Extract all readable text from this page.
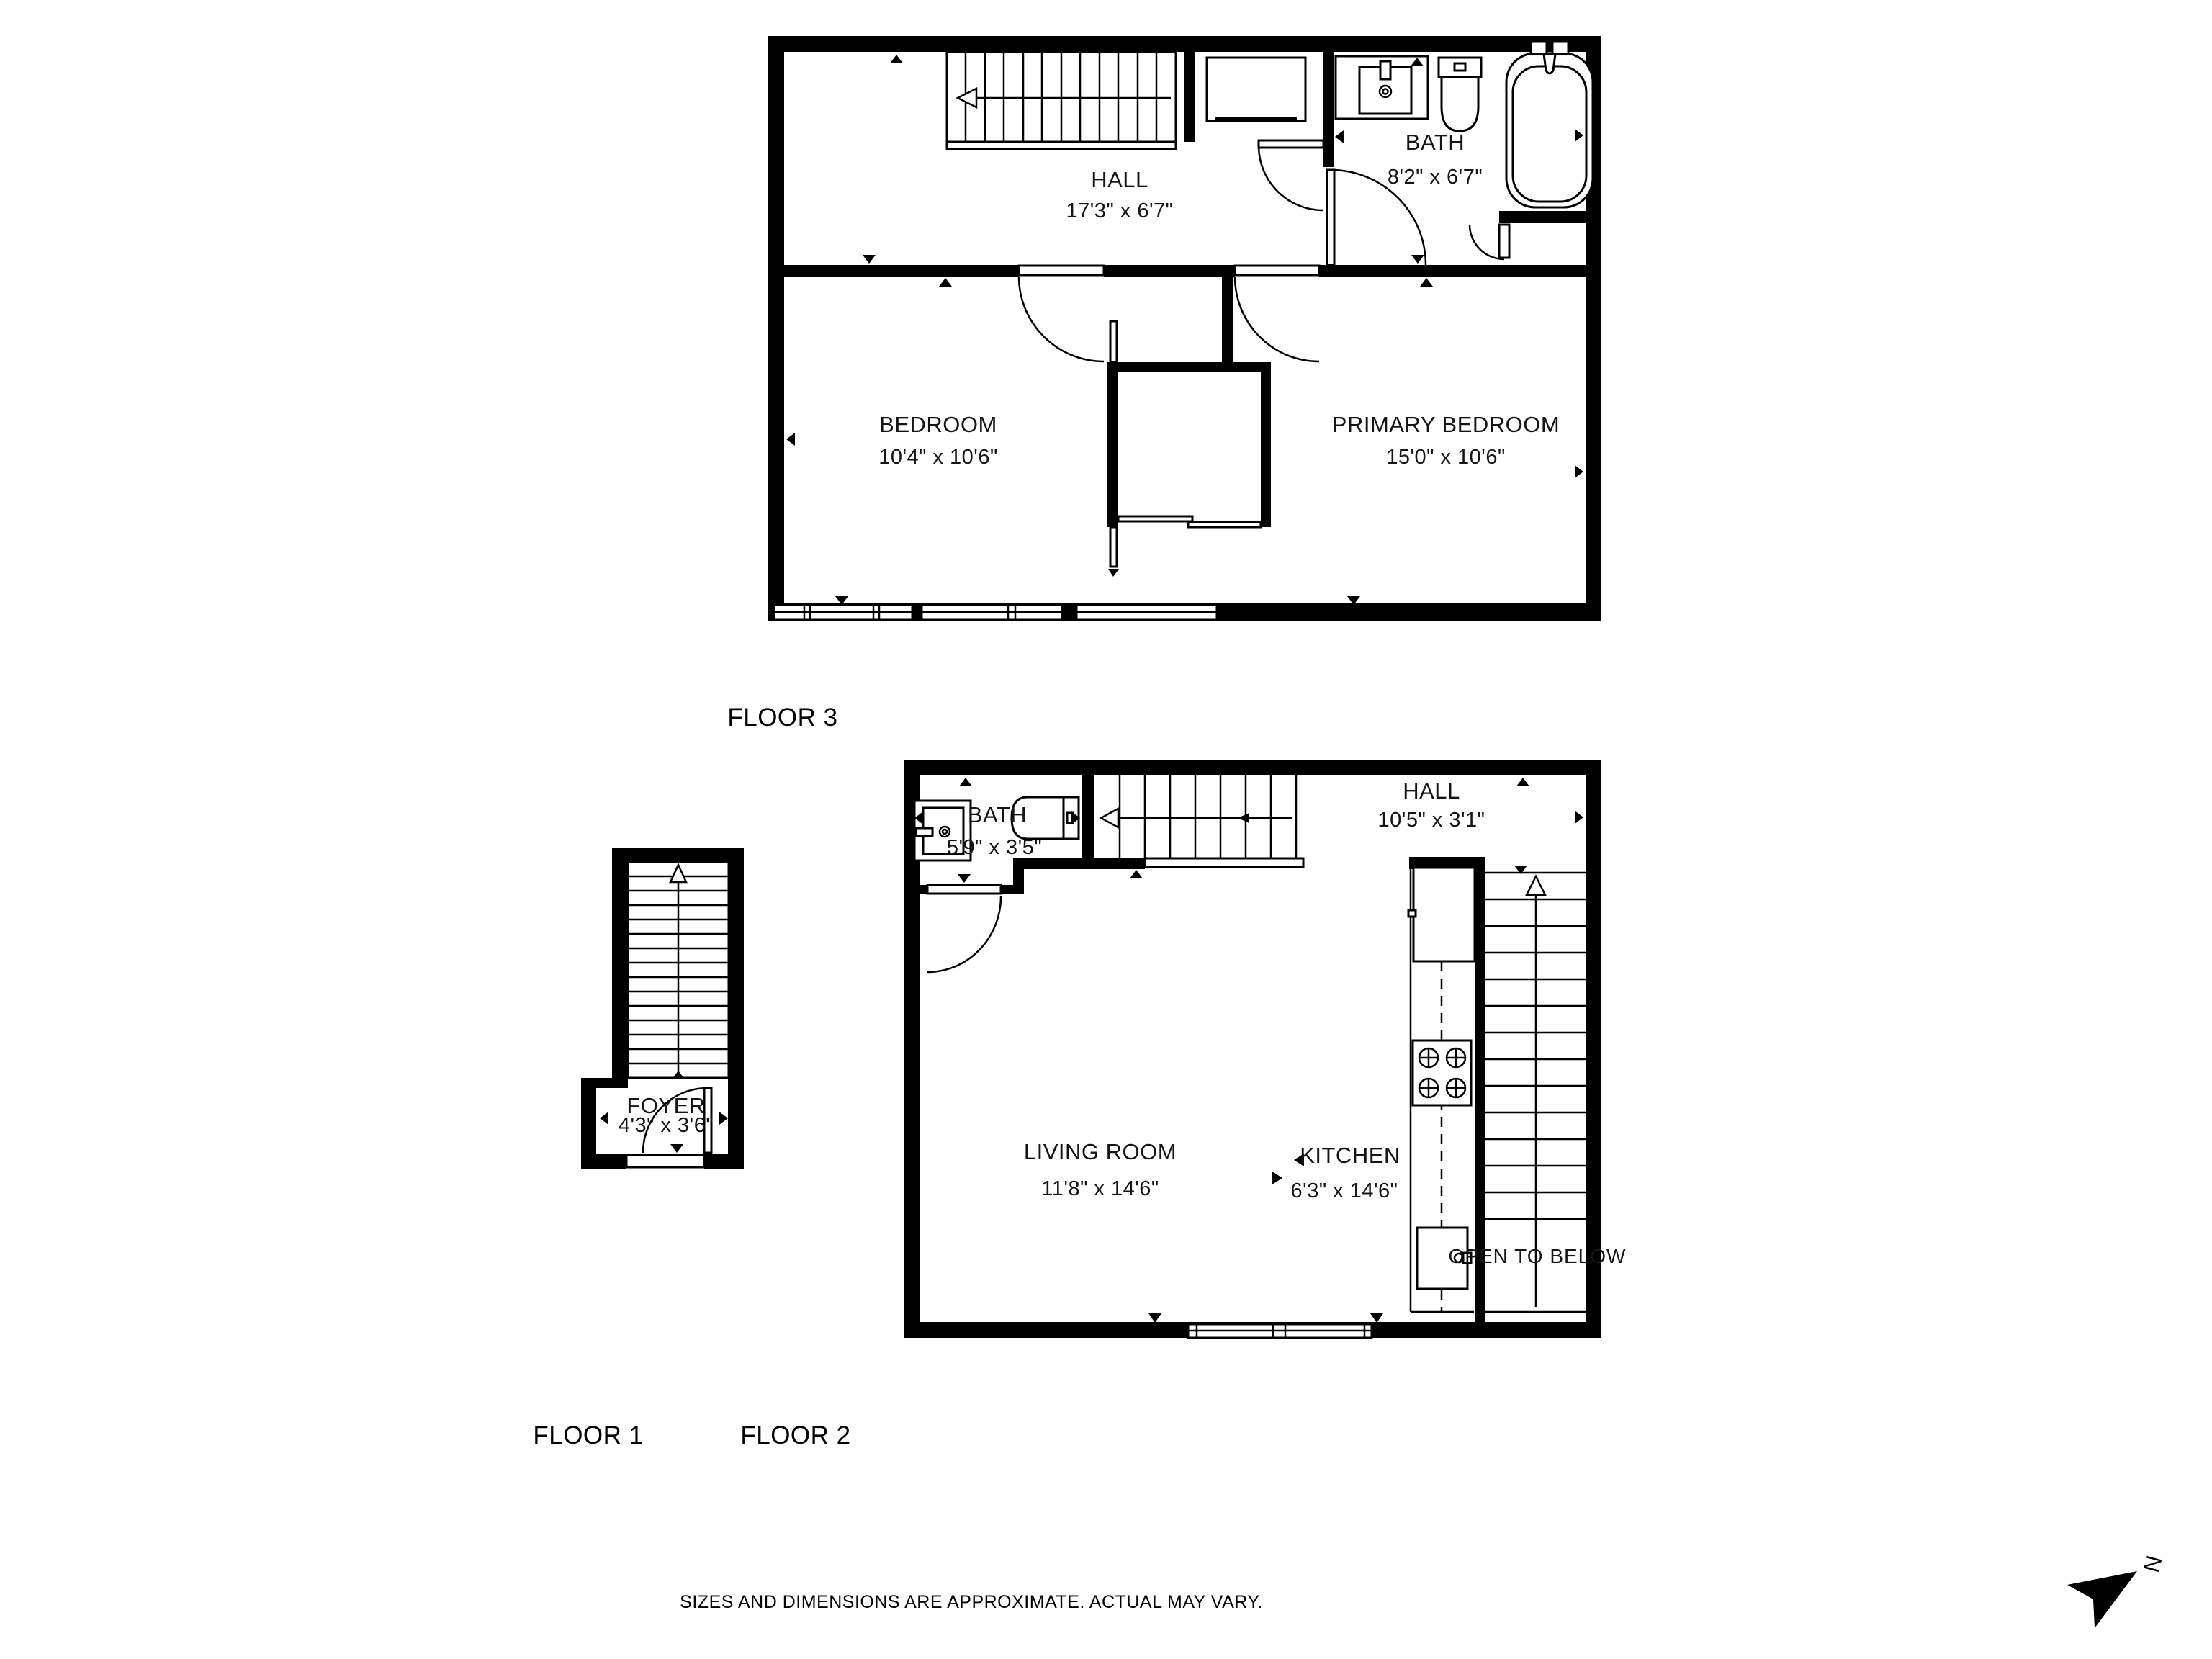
HALL
17'3" x 6'7"
BATH
8'2" x 6'7"
BEDROOM
10'4" x 10'6"
PRIMARY BEDROOM
15'0" x 10'6"
BATH
5'9" x 3'5"
HALL
10'5" x 3'1"
LIVING ROOM
11'8" x 14'6"
KITCHEN
6'3" x 14'6"
OPEN TO BELOW
FOYER
4'3" x 3'6"
FLOOR 3
FLOOR 1	FLOOR 2
SIZES AND DIMENSIONS ARE APPROXIMATE. ACTUAL MAY VARY.
N
